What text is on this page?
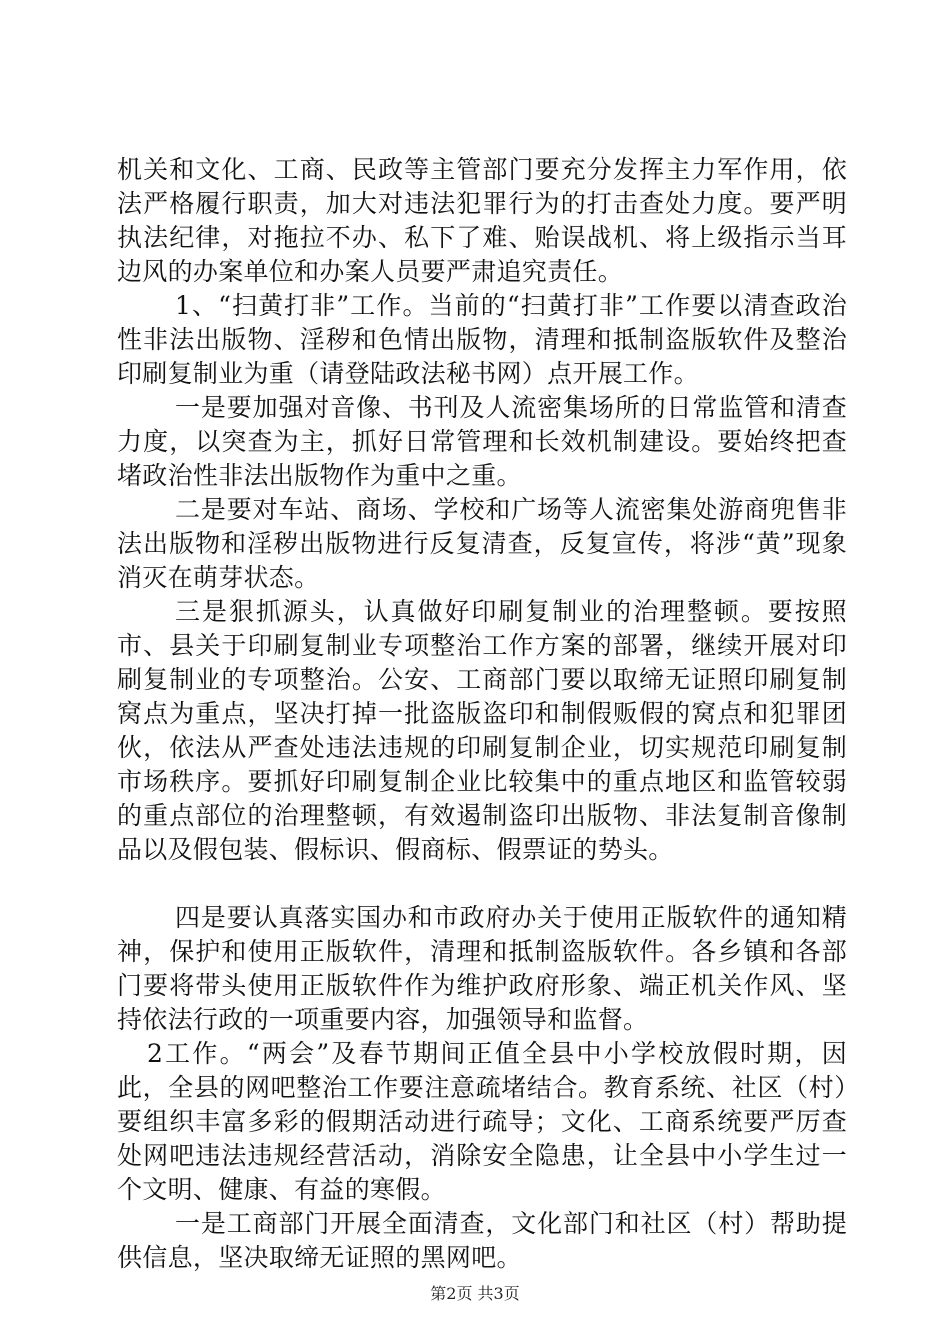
机关和文化、工商、民政等主管部门要充分发挥主力军作用，依法严格履行职责，加大对违法犯罪行为的打击查处力度。要严明执法纪律，对拖拉不办、私下了难、贻误战机、将上级指示当耳边风的办案单位和办案人员要严肃追究责任。

1、“扫黄打非”工作。当前的“扫黄打非”工作要以清查政治性非法出版物、淫秽和色情出版物，清理和抵制盗版软件及整治印刷复制业为重（请登陆政法秘书网）点开展工作。

一是要加强对音像、书刊及人流密集场所的日常监管和清查力度，以突查为主，抓好日常管理和长效机制建设。要始终把查堵政治性非法出版物作为重中之重。

二是要对车站、商场、学校和广场等人流密集处游商兜售非法出版物和淫秽出版物进行反复清查，反复宣传，将涉“黄”现象消灭在萌芽状态。

三是狠抓源头，认真做好印刷复制业的治理整顿。要按照市、县关于印刷复制业专项整治工作方案的部署，继续开展对印刷复制业的专项整治。公安、工商部门要以取缔无证照印刷复制窝点为重点，坚决打掉一批盗版盗印和制假贩假的窝点和犯罪团伙，依法从严查处违法违规的印刷复制企业，切实规范印刷复制市场秩序。要抓好印刷复制企业比较集中的重点地区和监管较弱的重点部位的治理整顿，有效遏制盗印出版物、非法复制音像制品以及假包装、假标识、假商标、假票证的势头。

四是要认真落实国办和市政府办关于使用正版软件的通知精神，保护和使用正版软件，清理和抵制盗版软件。各乡镇和各部门要将带头使用正版软件作为维护政府形象、端正机关作风、坚持依法行政的一项重要内容，加强领导和监督。

2工作。“两会”及春节期间正值全县中小学校放假时期，因此，全县的网吧整治工作要注意疏堵结合。教育系统、社区（村）要组织丰富多彩的假期活动进行疏导；文化、工商系统要严厉查处网吧违法违规经营活动，消除安全隐患，让全县中小学生过一个文明、健康、有益的寒假。

一是工商部门开展全面清查，文化部门和社区（村）帮助提供信息，坚决取缔无证照的黑网吧。

第2页 共3页
